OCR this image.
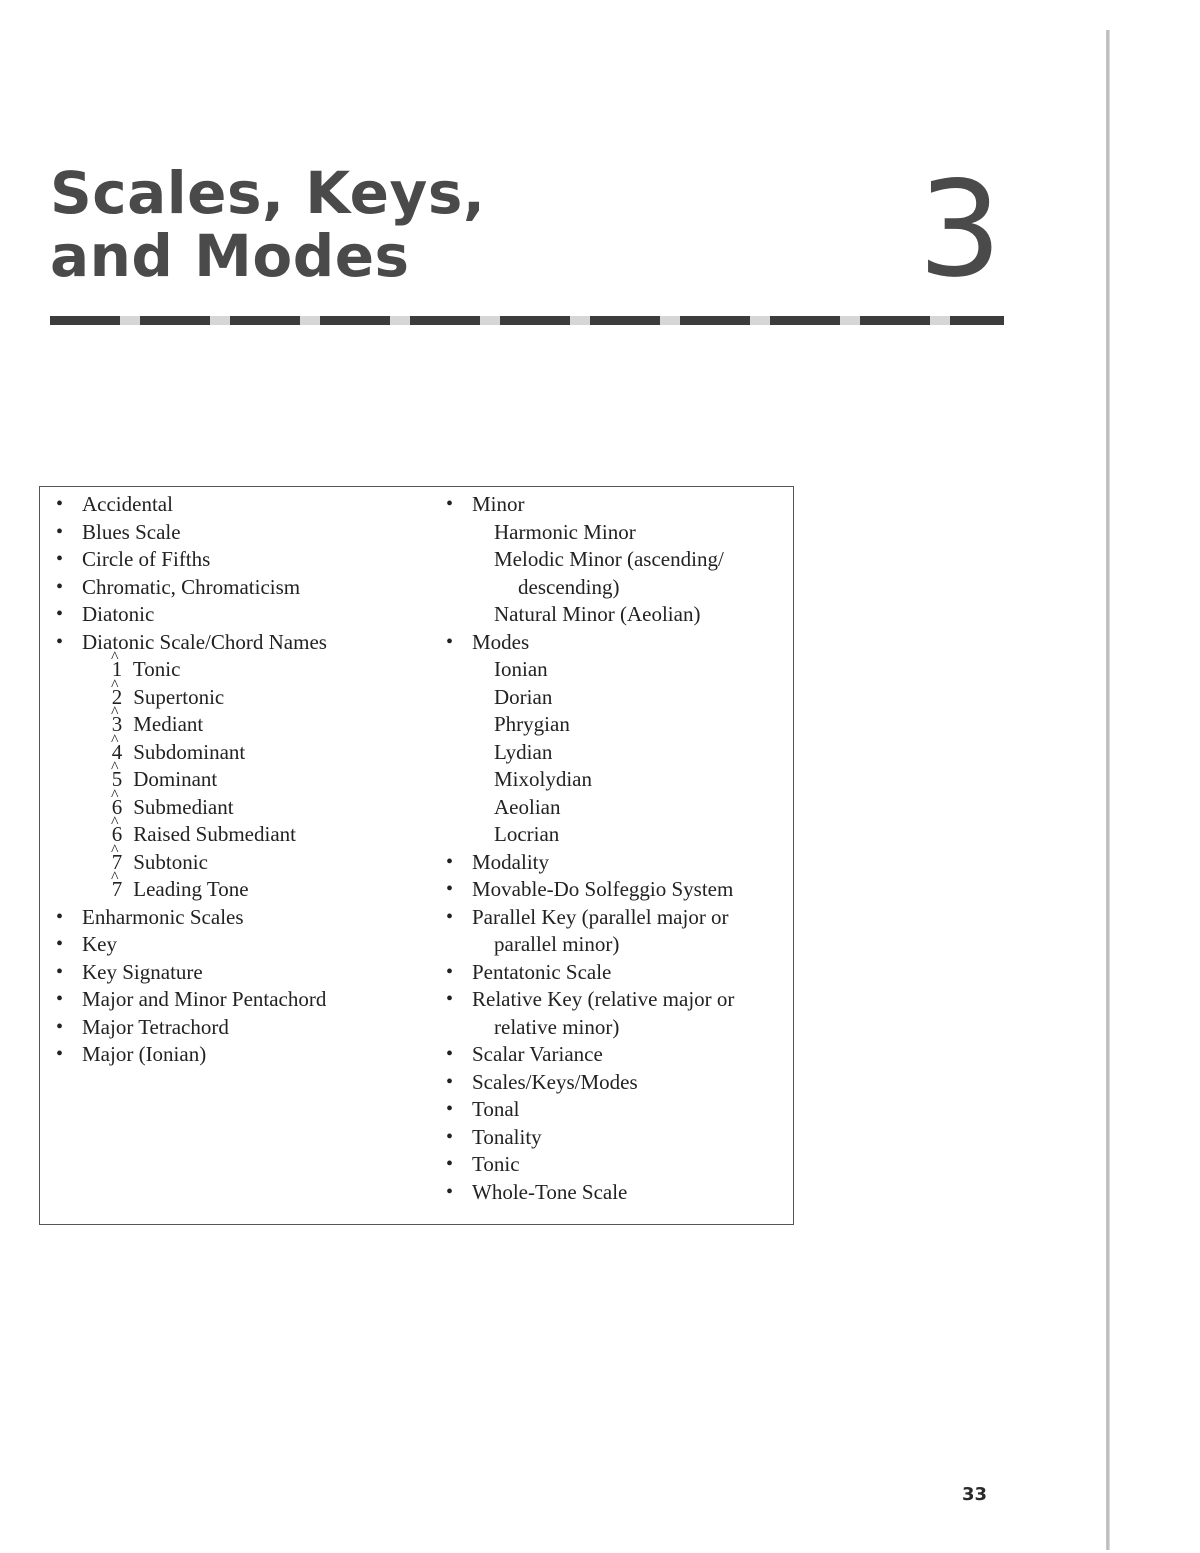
Scales, Keys,
and Modes	3
• Accidental
• Blues Scale
• Circle of Fifths
• Chromatic, Chromaticism
• Diatonic
• Diatonic Scale/Chord Names
^ 1 Tonic
^ 2 Supertonic
^ 3 Mediant
^ 4 Subdominant
^ 5 Dominant
^ 6 Submediant
^ 6 Raised Submediant
^ 7 Subtonic
^ 7 Leading Tone
• Enharmonic Scales
• Key
• Key Signature
• Major and Minor Pentachord
• Major Tetrachord
• Major (Ionian)
• Minor
Harmonic Minor
Melodic Minor (ascending/
descending)
Natural Minor (Aeolian)
• Modes
Ionian
Dorian
Phrygian
Lydian
Mixolydian
Aeolian
Locrian
• Modality
• Movable-Do Solfeggio System
• Parallel Key (parallel major or
parallel minor)
• Pentatonic Scale
• Relative Key (relative major or
relative minor)
• Scalar Variance
• Scales/Keys/Modes
• Tonal
• Tonality
• Tonic
• Whole-Tone Scale
33
